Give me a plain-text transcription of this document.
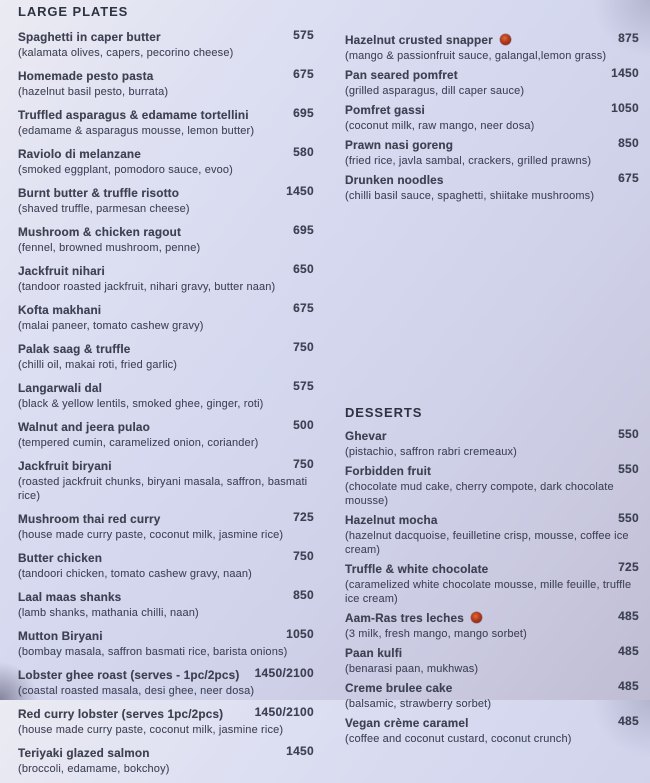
LARGE PLATES
Spaghetti in caper butter	575
(kalamata olives, capers, pecorino cheese)
Homemade pesto pasta	675
(hazelnut basil pesto, burrata)
Truffled asparagus & edamame tortellini	695
(edamame & asparagus mousse, lemon butter)
Raviolo di melanzane	580
(smoked eggplant, pomodoro sauce, evoo)
Burnt butter & truffle risotto	1450
(shaved truffle, parmesan cheese)
Mushroom & chicken ragout	695
(fennel, browned mushroom, penne)
Jackfruit nihari	650
(tandoor roasted jackfruit, nihari gravy, butter naan)
Kofta makhani	675
(malai paneer, tomato cashew gravy)
Palak saag & truffle	750
(chilli oil, makai roti, fried garlic)
Langarwali dal	575
(black & yellow lentils, smoked ghee, ginger, roti)
Walnut and jeera pulao	500
(tempered cumin, caramelized onion, coriander)
Jackfruit biryani	750
(roasted jackfruit chunks, biryani masala, saffron, basmati rice)
Mushroom thai red curry	725
(house made curry paste, coconut milk, jasmine rice)
Butter chicken	750
(tandoori chicken, tomato cashew gravy, naan)
Laal maas shanks	850
(lamb shanks, mathania chilli, naan)
Mutton Biryani	1050
(bombay masala, saffron basmati rice, barista onions)
Lobster ghee roast (serves - 1pc/2pcs) 1450/2100
(coastal roasted masala, desi ghee, neer dosa)
Red curry lobster (serves 1pc/2pcs)	1450/2100
(house made curry paste, coconut milk, jasmine rice)
Teriyaki glazed salmon	1450
(broccoli, edamame, bokchoy)
Hazelnut crusted snapper	875
(mango & passionfruit sauce, galangal,lemon grass)
Pan seared pomfret	1450
(grilled asparagus, dill caper sauce)
Pomfret gassi	1050
(coconut milk, raw mango, neer dosa)
Prawn nasi goreng	850
(fried rice, javla sambal, crackers, grilled prawns)
Drunken noodles	675
(chilli basil sauce, spaghetti, shiitake mushrooms)
DESSERTS
Ghevar	550
(pistachio, saffron rabri cremeaux)
Forbidden fruit	550
(chocolate mud cake, cherry compote, dark chocolate mousse)
Hazelnut mocha	550
(hazelnut dacquoise, feuilletine crisp, mousse, coffee ice cream)
Truffle & white chocolate	725
(caramelized white chocolate mousse, mille feuille, truffle ice cream)
Aam-Ras tres leches	485
(3 milk, fresh mango, mango sorbet)
Paan kulfi	485
(benarasi paan, mukhwas)
Creme brulee cake	485
(balsamic, strawberry sorbet)
Vegan crème caramel	485
(coffee and coconut custard, coconut crunch)
